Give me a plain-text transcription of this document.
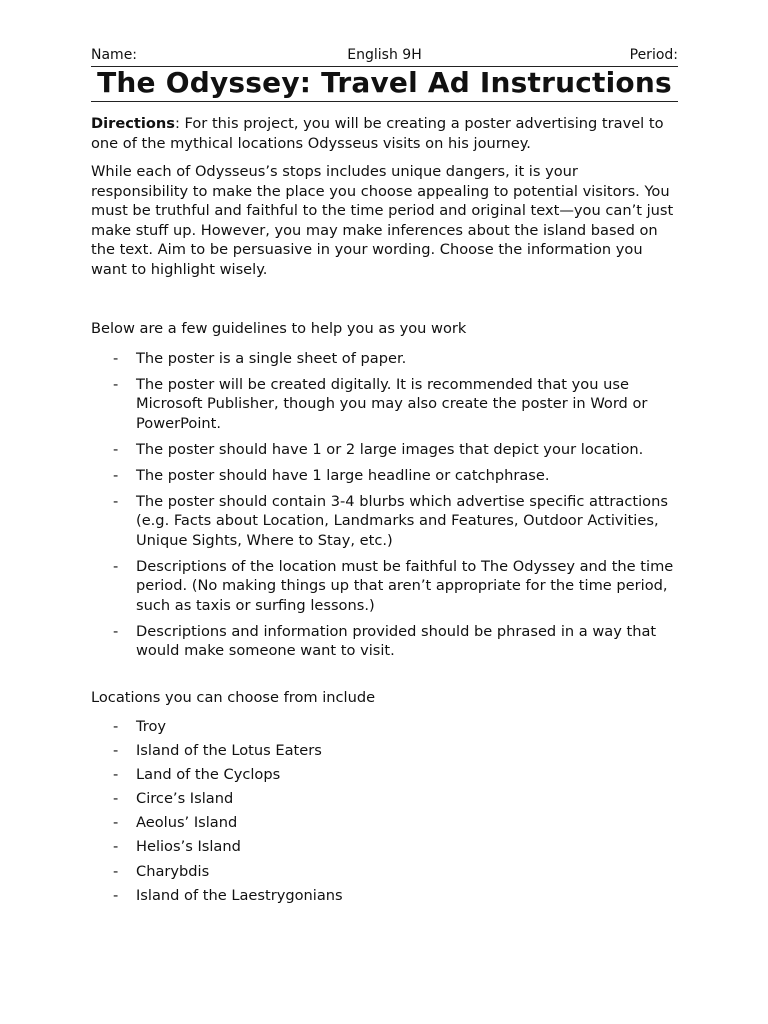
Name:	English 9H	Period:
The Odyssey: Travel Ad Instructions

Directions: For this project, you will be creating a poster advertising travel to one of the mythical locations Odysseus visits on his journey.

While each of Odysseus’s stops includes unique dangers, it is your responsibility to make the place you choose appealing to potential visitors. You must be truthful and faithful to the time period and original text—you can’t just make stuff up. However, you may make inferences about the island based on the text. Aim to be persuasive in your wording. Choose the information you want to highlight wisely.

Below are a few guidelines to help you as you work

- The poster is a single sheet of paper.
- The poster will be created digitally. It is recommended that you use Microsoft Publisher, though you may also create the poster in Word or PowerPoint.
- The poster should have 1 or 2 large images that depict your location.
- The poster should have 1 large headline or catchphrase.
- The poster should contain 3-4 blurbs which advertise specific attractions (e.g. Facts about Location, Landmarks and Features, Outdoor Activities, Unique Sights, Where to Stay, etc.)
- Descriptions of the location must be faithful to The Odyssey and the time period. (No making things up that aren’t appropriate for the time period, such as taxis or surfing lessons.)
- Descriptions and information provided should be phrased in a way that would make someone want to visit.

Locations you can choose from include

- Troy
- Island of the Lotus Eaters
- Land of the Cyclops
- Circe’s Island
- Aeolus’ Island
- Helios’s Island
- Charybdis
- Island of the Laestrygonians
